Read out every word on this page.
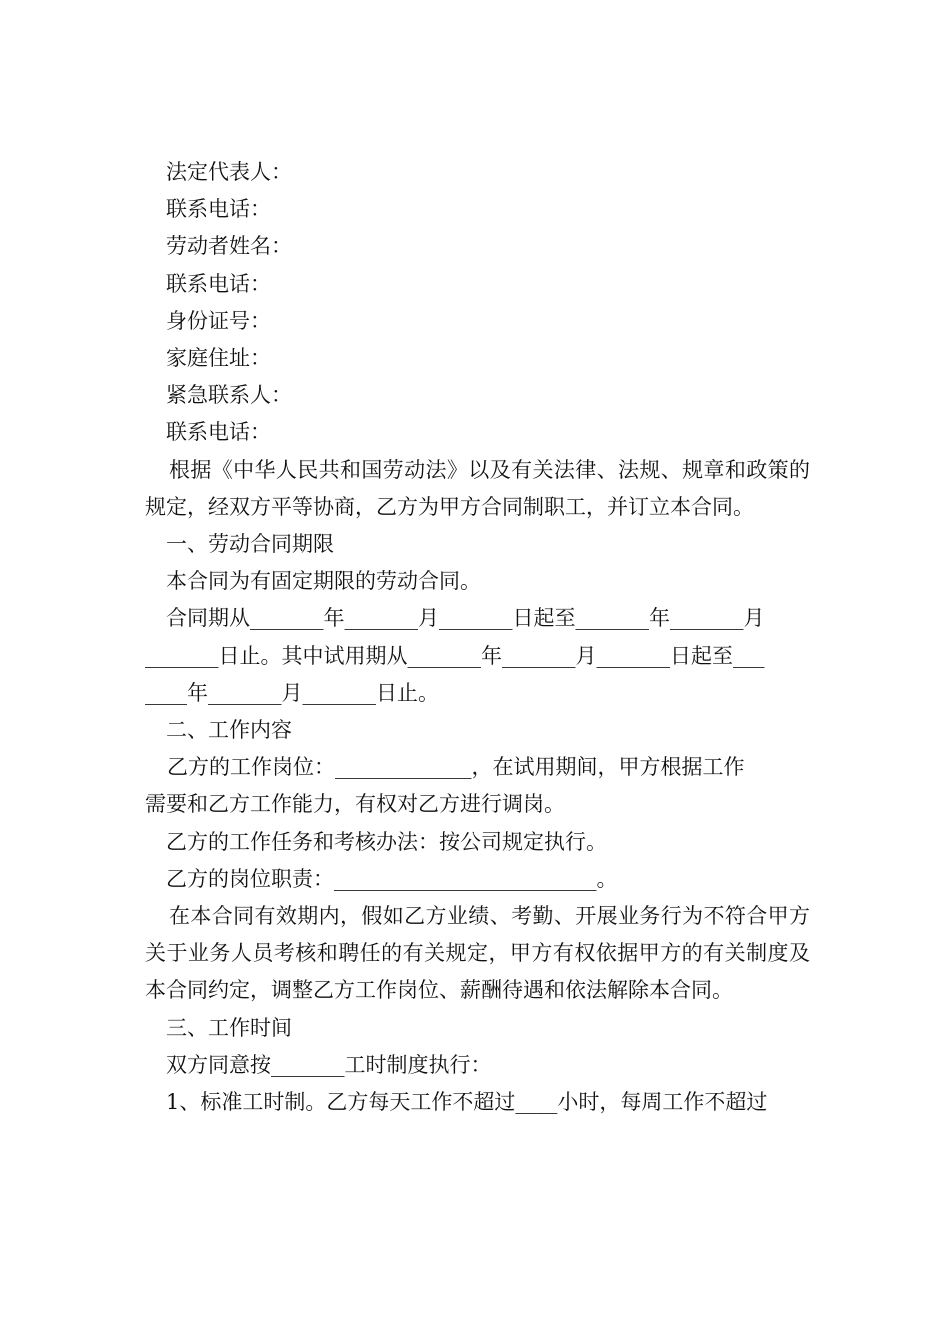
法定代表人：

联系电话：

劳动者姓名：

联系电话：

身份证号：

家庭住址：

紧急联系人：

联系电话：

根据《中华人民共和国劳动法》以及有关法律、法规、规章和政策的规定，经双方平等协商，乙方为甲方合同制职工，并订立本合同。

一、劳动合同期限

本合同为有固定期限的劳动合同。

合同期从_______年_______月_______日起至_______年_______月

_______日止。其中试用期从_______年_______月_______日起至___

____年_______月_______日止。

二、工作内容

乙方的工作岗位：_____________，在试用期间，甲方根据工作

需要和乙方工作能力，有权对乙方进行调岗。

乙方的工作任务和考核办法：按公司规定执行。

乙方的岗位职责：_________________________。

在本合同有效期内，假如乙方业绩、考勤、开展业务行为不符合甲方关于业务人员考核和聘任的有关规定，甲方有权依据甲方的有关制度及本合同约定，调整乙方工作岗位、薪酬待遇和依法解除本合同。

三、工作时间

双方同意按_______工时制度执行：

1、标准工时制。乙方每天工作不超过____小时，每周工作不超过
